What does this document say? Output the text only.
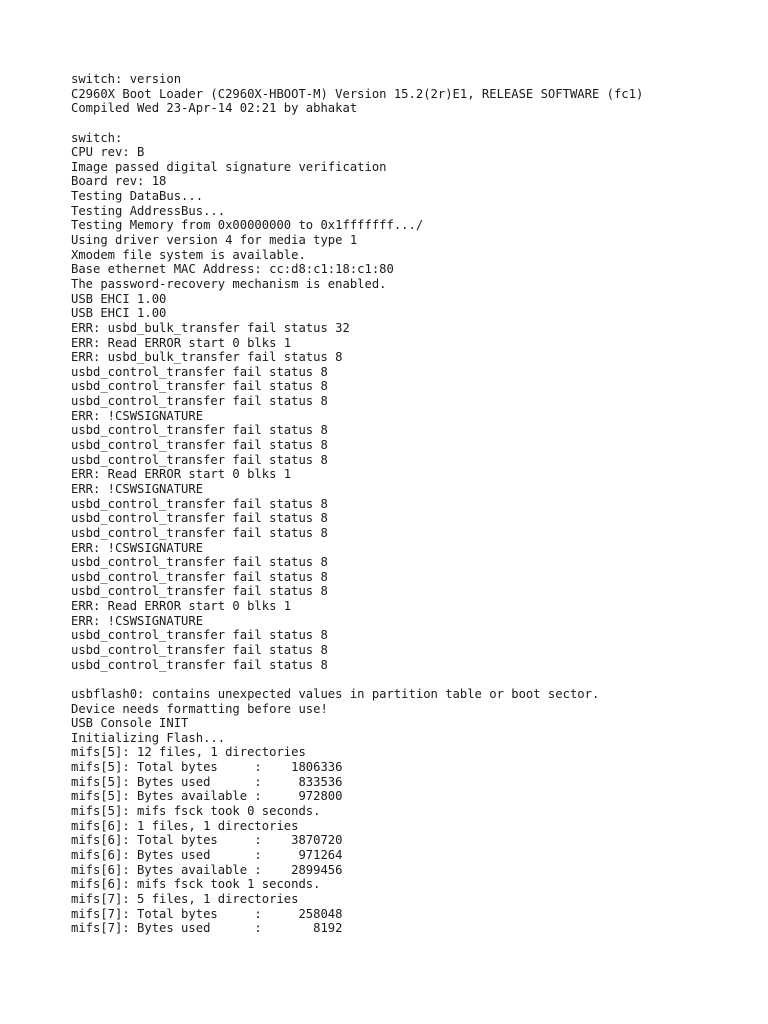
switch: version
C2960X Boot Loader (C2960X-HBOOT-M) Version 15.2(2r)E1, RELEASE SOFTWARE (fc1)
Compiled Wed 23-Apr-14 02:21 by abhakat
switch:
CPU rev: B
Image passed digital signature verification
Board rev: 18
Testing DataBus...
Testing AddressBus...
Testing Memory from 0x00000000 to 0x1fffffff.../
Using driver version 4 for media type 1
Xmodem file system is available.
Base ethernet MAC Address: cc:d8:c1:18:c1:80
The password-recovery mechanism is enabled.
USB EHCI 1.00
USB EHCI 1.00
ERR: usbd_bulk_transfer fail status 32
ERR: Read ERROR start 0 blks 1
ERR: usbd_bulk_transfer fail status 8
usbd_control_transfer fail status 8
usbd_control_transfer fail status 8
usbd_control_transfer fail status 8
ERR: !CSWSIGNATURE
usbd_control_transfer fail status 8
usbd_control_transfer fail status 8
usbd_control_transfer fail status 8
ERR: Read ERROR start 0 blks 1
ERR: !CSWSIGNATURE
usbd_control_transfer fail status 8
usbd_control_transfer fail status 8
usbd_control_transfer fail status 8
ERR: !CSWSIGNATURE
usbd_control_transfer fail status 8
usbd_control_transfer fail status 8
usbd_control_transfer fail status 8
ERR: Read ERROR start 0 blks 1
ERR: !CSWSIGNATURE
usbd_control_transfer fail status 8
usbd_control_transfer fail status 8
usbd_control_transfer fail status 8
usbflash0: contains unexpected values in partition table or boot sector.
Device needs formatting before use!
USB Console INIT
Initializing Flash...
mifs[5]: 12 files, 1 directories
mifs[5]: Total bytes     :    1806336
mifs[5]: Bytes used      :     833536
mifs[5]: Bytes available :     972800
mifs[5]: mifs fsck took 0 seconds.
mifs[6]: 1 files, 1 directories
mifs[6]: Total bytes     :    3870720
mifs[6]: Bytes used      :     971264
mifs[6]: Bytes available :    2899456
mifs[6]: mifs fsck took 1 seconds.
mifs[7]: 5 files, 1 directories
mifs[7]: Total bytes     :     258048
mifs[7]: Bytes used      :       8192
